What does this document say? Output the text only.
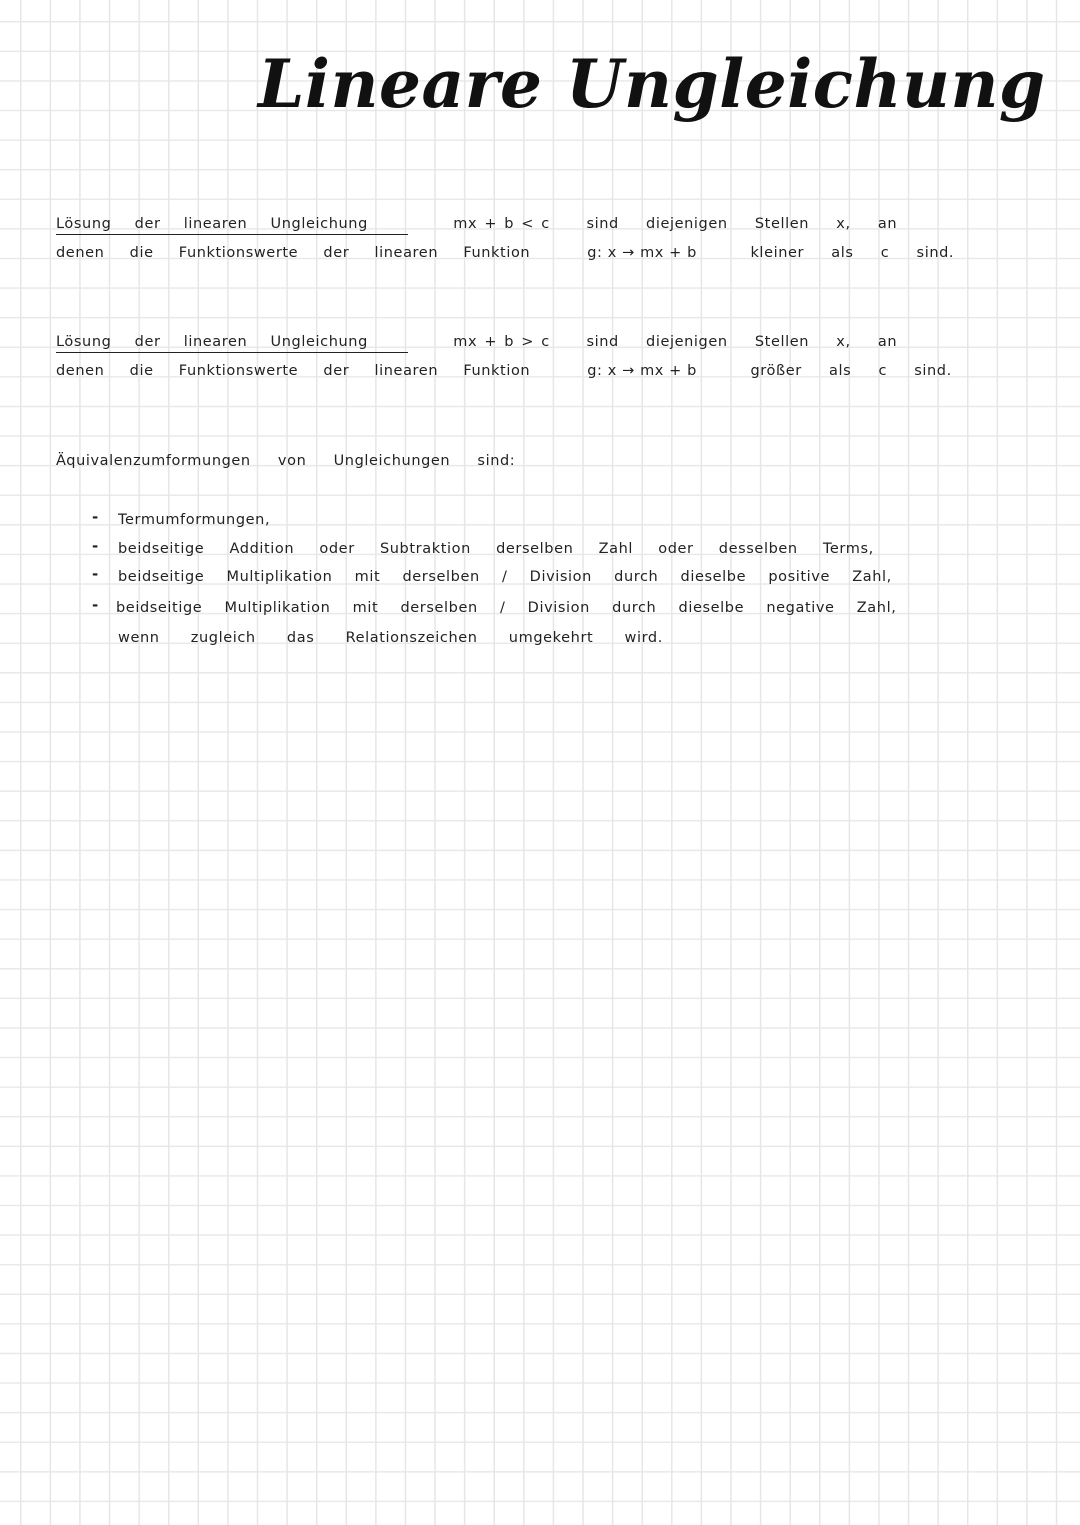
Lineare Ungleichung
Lösung der linearen Ungleichung	mx + b < c	sind diejenigen Stellen x, an
denen die Funktionswerte der linearen Funktion	g: x → mx + b	kleiner als c sind.
Lösung der linearen Ungleichung	mx + b > c	sind diejenigen Stellen x, an
denen die Funktionswerte der linearen Funktion	g: x → mx + b	größer als c sind.
Äquivalenzumformungen von Ungleichungen sind:
- Termumformungen,
- beidseitige Addition oder Subtraktion derselben Zahl oder desselben Terms,
- beidseitige Multiplikation mit derselben / Division durch dieselbe positive Zahl,
- beidseitige Multiplikation mit derselben / Division durch dieselbe negative Zahl,
wenn zugleich das Relationszeichen umgekehrt wird.
